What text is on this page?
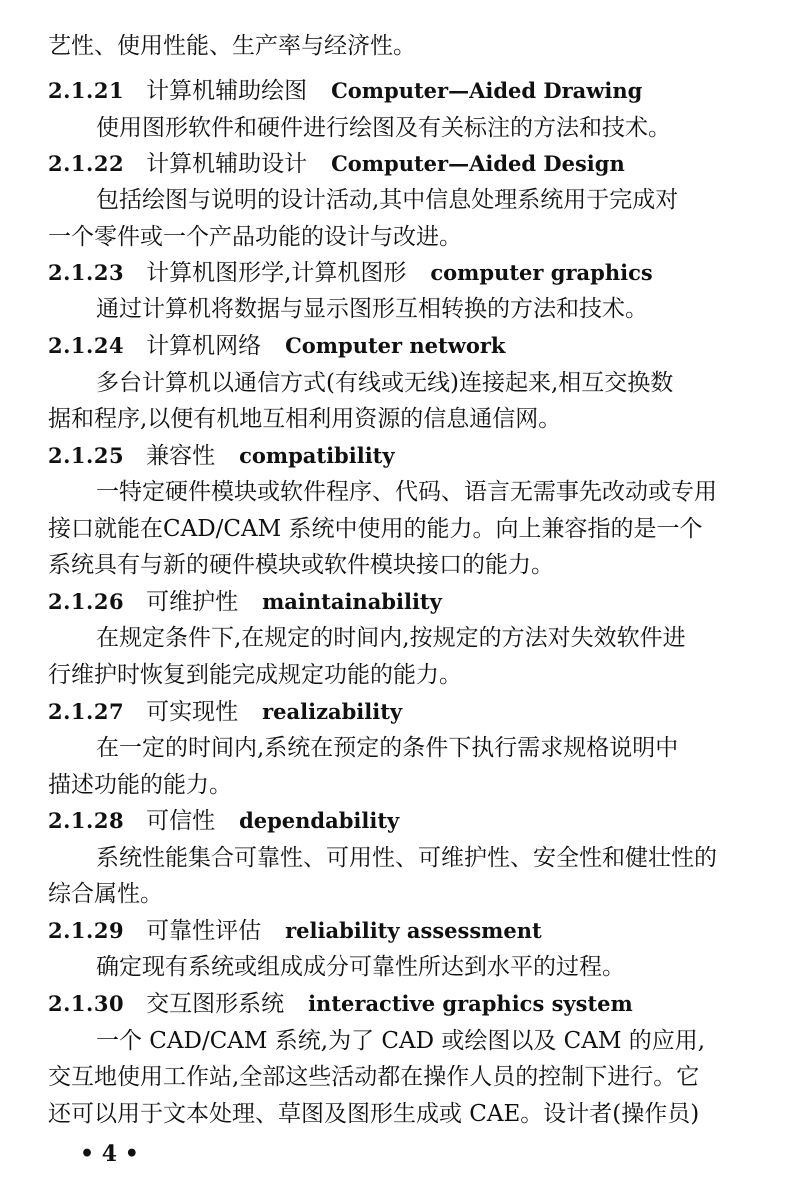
艺性、使用性能、生产率与经济性。
2.1.21 计算机辅助绘图 Computer—Aided Drawing
使用图形软件和硬件进行绘图及有关标注的方法和技术。
2.1.22 计算机辅助设计 Computer—Aided Design
包括绘图与说明的设计活动,其中信息处理系统用于完成对
一个零件或一个产品功能的设计与改进。
2.1.23 计算机图形学,计算机图形 computer graphics
通过计算机将数据与显示图形互相转换的方法和技术。
2.1.24 计算机网络 Computer network
多台计算机以通信方式(有线或无线)连接起来,相互交换数
据和程序,以便有机地互相利用资源的信息通信网。
2.1.25 兼容性 compatibility
一特定硬件模块或软件程序、代码、语言无需事先改动或专用
接口就能在CAD/CAM 系统中使用的能力。向上兼容指的是一个
系统具有与新的硬件模块或软件模块接口的能力。
2.1.26 可维护性 maintainability
在规定条件下,在规定的时间内,按规定的方法对失效软件进
行维护时恢复到能完成规定功能的能力。
2.1.27 可实现性 realizability
在一定的时间内,系统在预定的条件下执行需求规格说明中
描述功能的能力。
2.1.28 可信性 dependability
系统性能集合可靠性、可用性、可维护性、安全性和健壮性的
综合属性。
2.1.29 可靠性评估 reliability assessment
确定现有系统或组成成分可靠性所达到水平的过程。
2.1.30 交互图形系统 interactive graphics system
一个 CAD/CAM 系统,为了 CAD 或绘图以及 CAM 的应用,
交互地使用工作站,全部这些活动都在操作人员的控制下进行。它
还可以用于文本处理、草图及图形生成或 CAE。设计者(操作员)
• 4 •
